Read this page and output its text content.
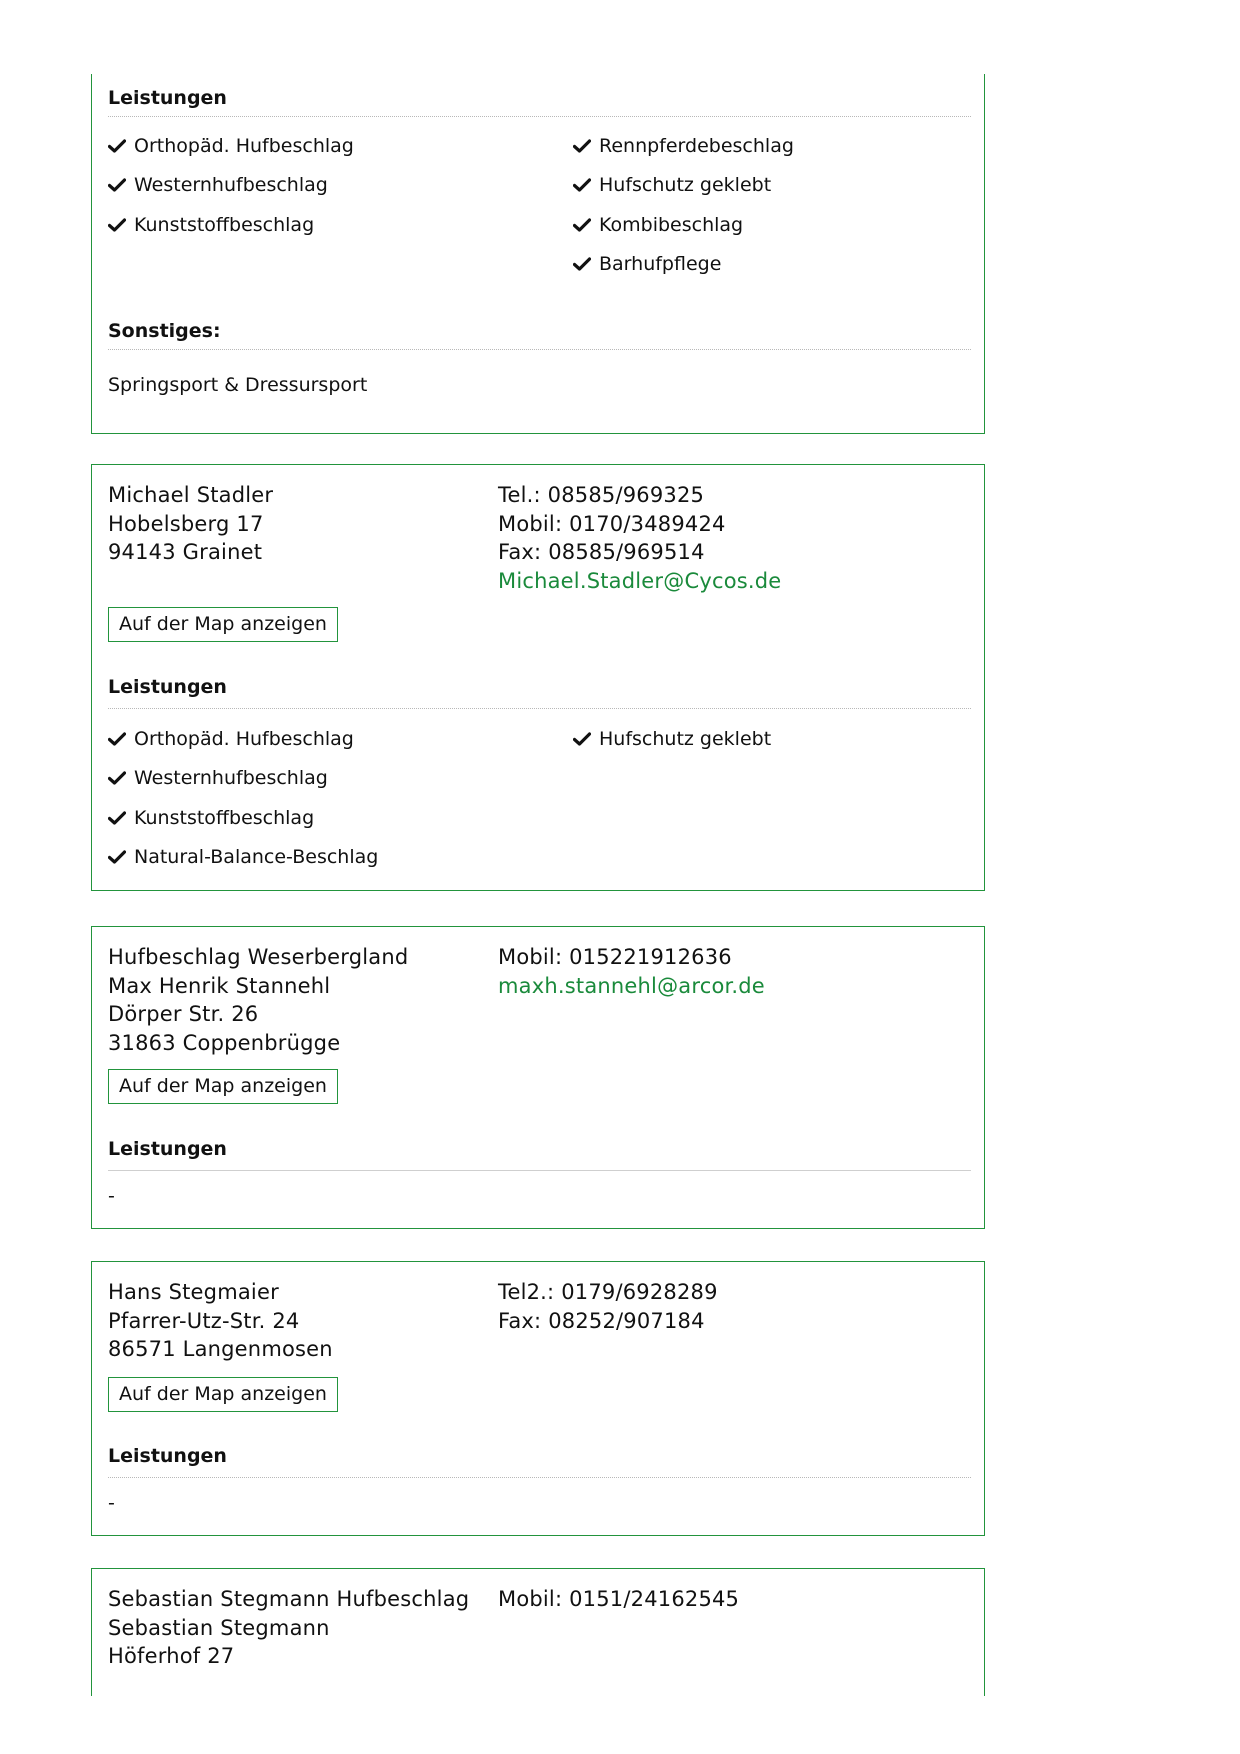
Leistungen
Orthopäd. Hufbeschlag
Westernhufbeschlag
Kunststoffbeschlag
Rennpferdebeschlag
Hufschutz geklebt
Kombibeschlag
Barhufpflege
Sonstiges:
Springsport & Dressursport
Michael Stadler
Hobelsberg 17
94143 Grainet
Tel.: 08585/969325
Mobil: 0170/3489424
Fax: 08585/969514
Michael.Stadler@Cycos.de
Auf der Map anzeigen
Leistungen
Orthopäd. Hufbeschlag
Westernhufbeschlag
Kunststoffbeschlag
Natural-Balance-Beschlag
Hufschutz geklebt
Hufbeschlag Weserbergland
Max Henrik Stannehl
Dörper Str. 26
31863 Coppenbrügge
Mobil: 015221912636
maxh.stannehl@arcor.de
Auf der Map anzeigen
Leistungen
-
Hans Stegmaier
Pfarrer-Utz-Str. 24
86571 Langenmosen
Tel2.: 0179/6928289
Fax: 08252/907184
Auf der Map anzeigen
Leistungen
-
Sebastian Stegmann Hufbeschlag
Sebastian Stegmann
Höferhof 27
Mobil: 0151/24162545
